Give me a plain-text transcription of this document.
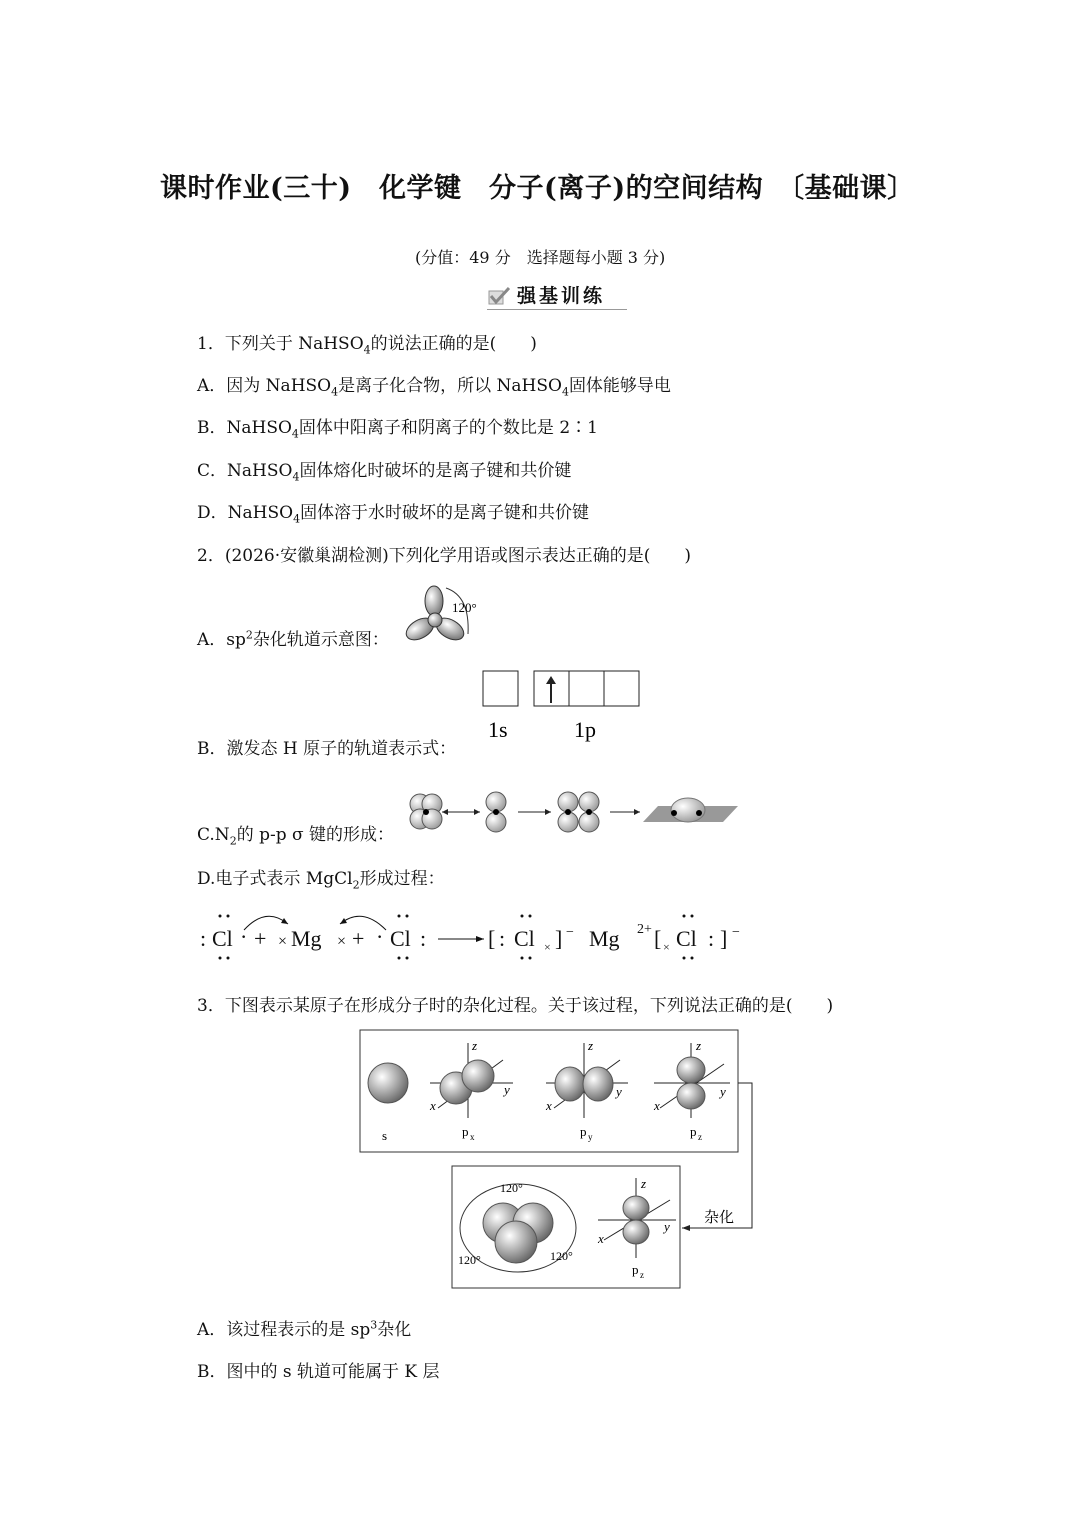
课时作业(三十)　化学键　分子(离子)的空间结构　〔基础课〕
(分值：49 分　选择题每小题 3 分)
强基训练
1．下列关于 NaHSO$_4$的说法正确的是(　　)
A．因为 NaHSO$_4$是离子化合物，所以 NaHSO$_4$固体能够导电
B．NaHSO$_4$固体中阳离子和阴离子的个数比是 2∶1
C．NaHSO$_4$固体熔化时破坏的是离子键和共价键
D．NaHSO$_4$固体溶于水时破坏的是离子键和共价键
2．(2026·安徽巢湖检测)下列化学用语或图示表达正确的是(　　)
A．$sp^2$杂化轨道示意图：
120°
1s	1p
B．激发态 H 原子的轨道表示式：
$C.N_2$的 p-p σ 键的形成：
D.电子式表示 MgCl$_2$形成过程：
: Cl · + × Mg × + · Cl :	[ : Cl × ] − Mg 2+ [ × Cl : ] −
3．下图表示某原子在形成分子时的杂化过程。关于该过程，下列说法正确的是(　　)
s
z
y
x
p x
z
y
x
p y
z
y
x
p z
杂化
120°
120°	120°
z
y
x
p z
A．该过程表示的是 $sp^3$杂化
B．图中的 s 轨道可能属于 K 层
